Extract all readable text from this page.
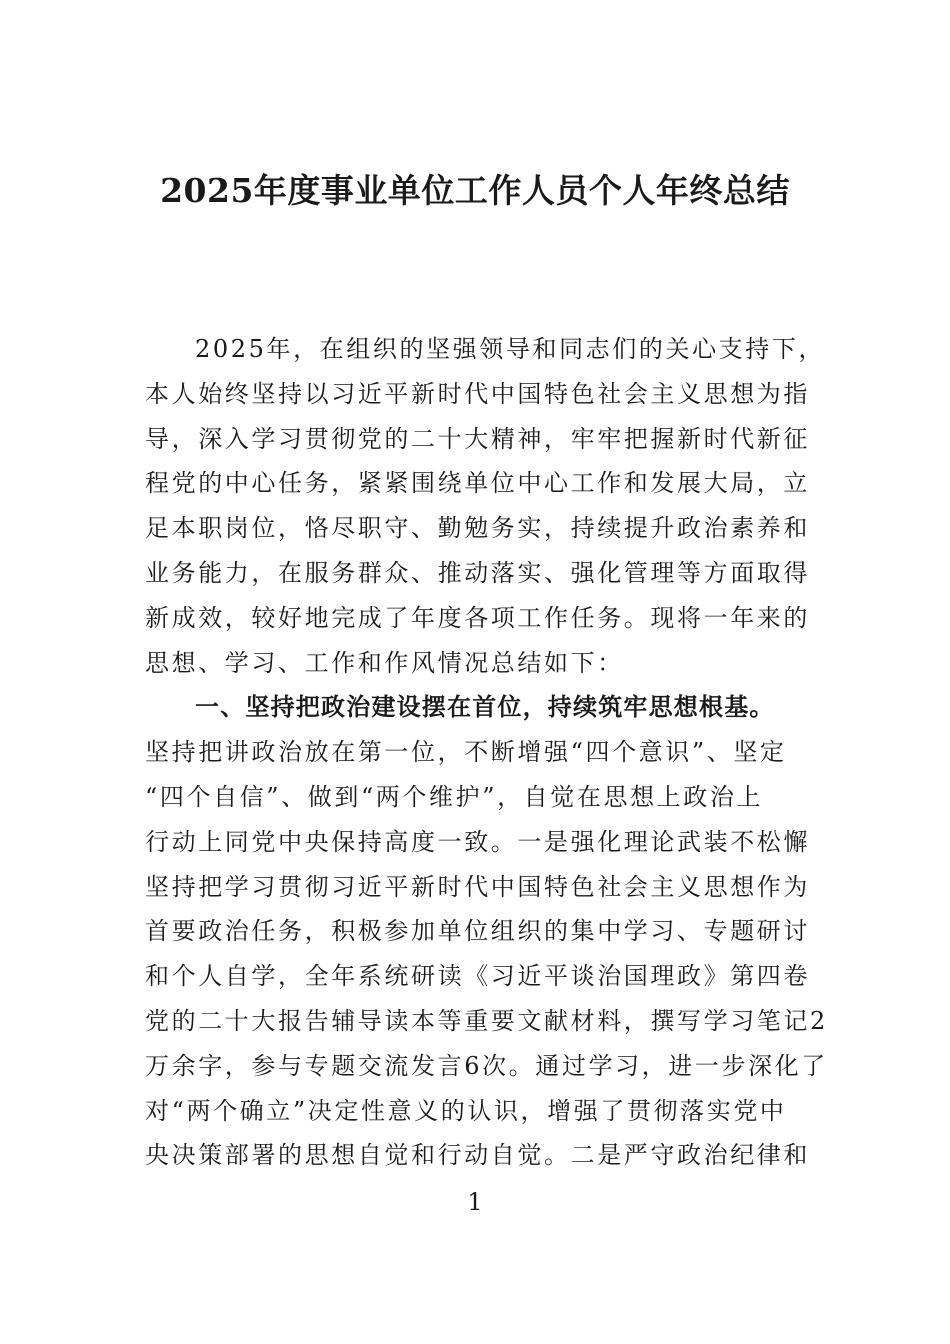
2025年度事业单位工作人员个人年终总结
2025年，在组织的坚强领导和同志们的关心支持下，
本人始终坚持以习近平新时代中国特色社会主义思想为指
导，深入学习贯彻党的二十大精神，牢牢把握新时代新征
程党的中心任务，紧紧围绕单位中心工作和发展大局，立
足本职岗位，恪尽职守、勤勉务实，持续提升政治素养和
业务能力，在服务群众、推动落实、强化管理等方面取得
新成效，较好地完成了年度各项工作任务。现将一年来的
思想、学习、工作和作风情况总结如下：
一、坚持把政治建设摆在首位，持续筑牢思想根基。
坚持把讲政治放在第一位，不断增强“四个意识”、坚定
“四个自信”、做到“两个维护”，自觉在思想上政治上
行动上同党中央保持高度一致。一是强化理论武装不松懈
坚持把学习贯彻习近平新时代中国特色社会主义思想作为
首要政治任务，积极参加单位组织的集中学习、专题研讨
和个人自学，全年系统研读《习近平谈治国理政》第四卷
党的二十大报告辅导读本等重要文献材料，撰写学习笔记2
万余字，参与专题交流发言6次。通过学习，进一步深化了
对“两个确立”决定性意义的认识，增强了贯彻落实党中
央决策部署的思想自觉和行动自觉。二是严守政治纪律和
1
